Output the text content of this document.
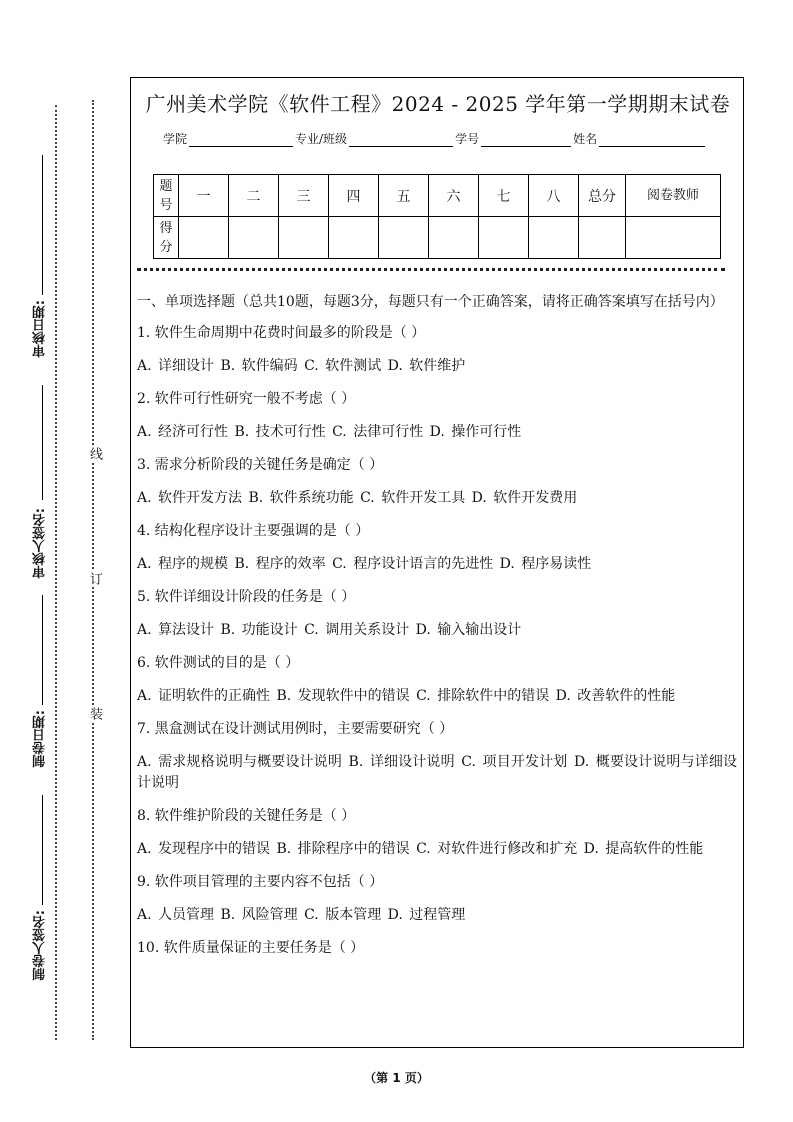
审核日期:
审核人签名:
制卷日期:
制卷人签名:
线
订
装
广州美术学院《软件工程》2024 - 2025 学年第一学期期末试卷
学院	专业/班级	学号	姓名
题号	一	二	三	四	五	六	七	八	总分	阅卷教师
得分										

一、单项选择题（总共10题，每题3分，每题只有一个正确答案，请将正确答案填写在括号内）

1. 软件生命周期中花费时间最多的阶段是（ ）

A. 详细设计 B. 软件编码 C. 软件测试 D. 软件维护

2. 软件可行性研究一般不考虑（ ）

A. 经济可行性 B. 技术可行性 C. 法律可行性 D. 操作可行性

3. 需求分析阶段的关键任务是确定（ ）

A. 软件开发方法 B. 软件系统功能 C. 软件开发工具 D. 软件开发费用

4. 结构化程序设计主要强调的是（ ）

A. 程序的规模 B. 程序的效率 C. 程序设计语言的先进性 D. 程序易读性

5. 软件详细设计阶段的任务是（ ）

A. 算法设计 B. 功能设计 C. 调用关系设计 D. 输入输出设计

6. 软件测试的目的是（ ）

A. 证明软件的正确性 B. 发现软件中的错误 C. 排除软件中的错误 D. 改善软件的性能

7. 黑盒测试在设计测试用例时，主要需要研究（ ）

A. 需求规格说明与概要设计说明 B. 详细设计说明 C. 项目开发计划 D. 概要设计说明与详细设计说明

8. 软件维护阶段的关键任务是（ ）

A. 发现程序中的错误 B. 排除程序中的错误 C. 对软件进行修改和扩充 D. 提高软件的性能

9. 软件项目管理的主要内容不包括（ ）

A. 人员管理 B. 风险管理 C. 版本管理 D. 过程管理

10. 软件质量保证的主要任务是（ ）

（第 1 页）
